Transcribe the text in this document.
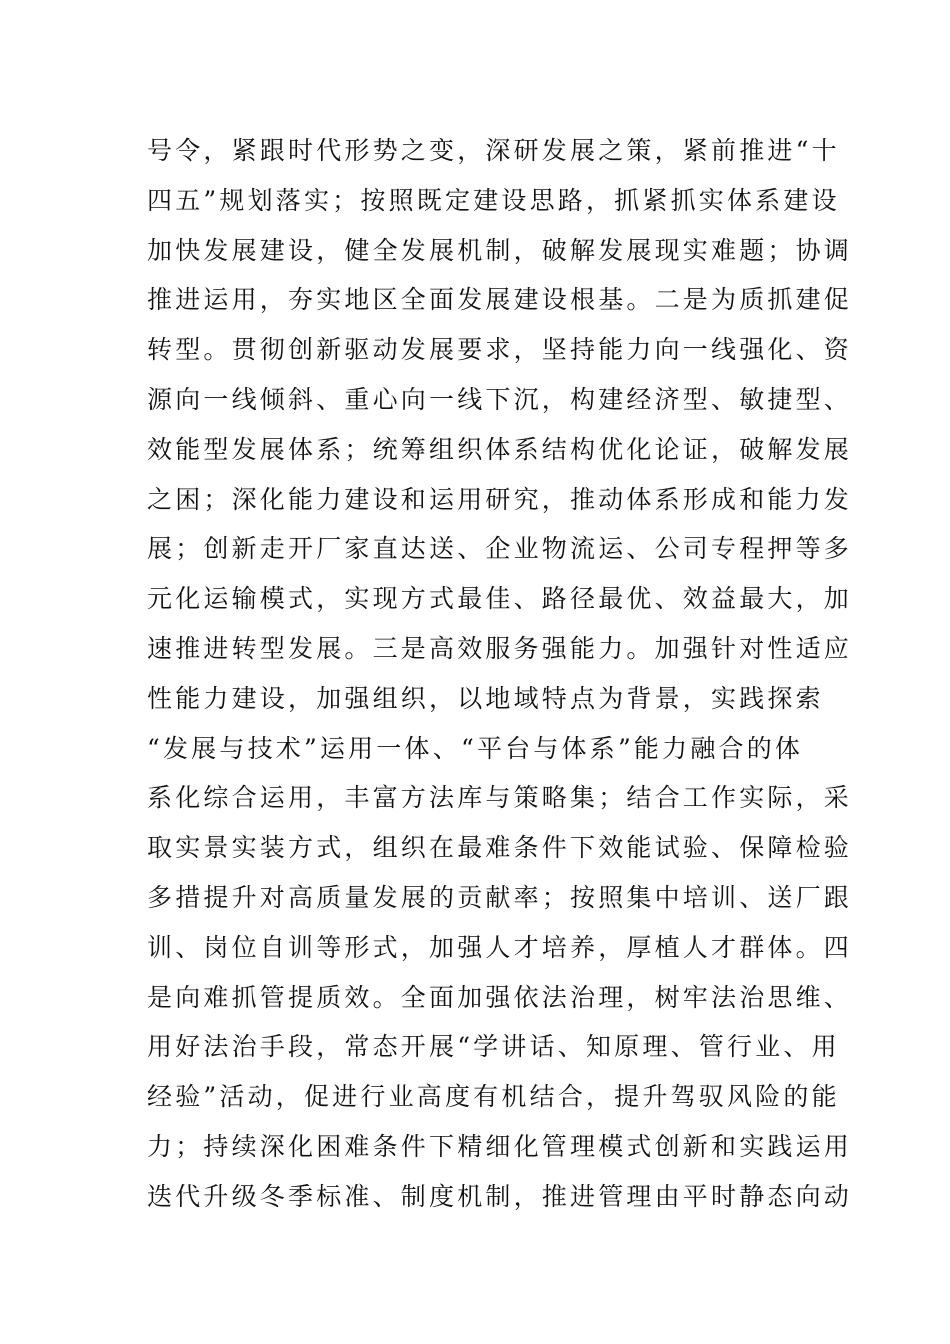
号令，紧跟时代形势之变，深研发展之策，紧前推进“十
四五”规划落实；按照既定建设思路，抓紧抓实体系建设
加快发展建设，健全发展机制，破解发展现实难题；协调
推进运用，夯实地区全面发展建设根基。二是为质抓建促
转型。贯彻创新驱动发展要求，坚持能力向一线强化、资
源向一线倾斜、重心向一线下沉，构建经济型、敏捷型、
效能型发展体系；统筹组织体系结构优化论证，破解发展
之困；深化能力建设和运用研究，推动体系形成和能力发
展；创新走开厂家直达送、企业物流运、公司专程押等多
元化运输模式，实现方式最佳、路径最优、效益最大，加
速推进转型发展。三是高效服务强能力。加强针对性适应
性能力建设，加强组织，以地域特点为背景，实践探索
“发展与技术”运用一体、“平台与体系”能力融合的体
系化综合运用，丰富方法库与策略集；结合工作实际，采
取实景实装方式，组织在最难条件下效能试验、保障检验
多措提升对高质量发展的贡献率；按照集中培训、送厂跟
训、岗位自训等形式，加强人才培养，厚植人才群体。四
是向难抓管提质效。全面加强依法治理，树牢法治思维、
用好法治手段，常态开展“学讲话、知原理、管行业、用
经验”活动，促进行业高度有机结合，提升驾驭风险的能
力；持续深化困难条件下精细化管理模式创新和实践运用
迭代升级冬季标准、制度机制，推进管理由平时静态向动
